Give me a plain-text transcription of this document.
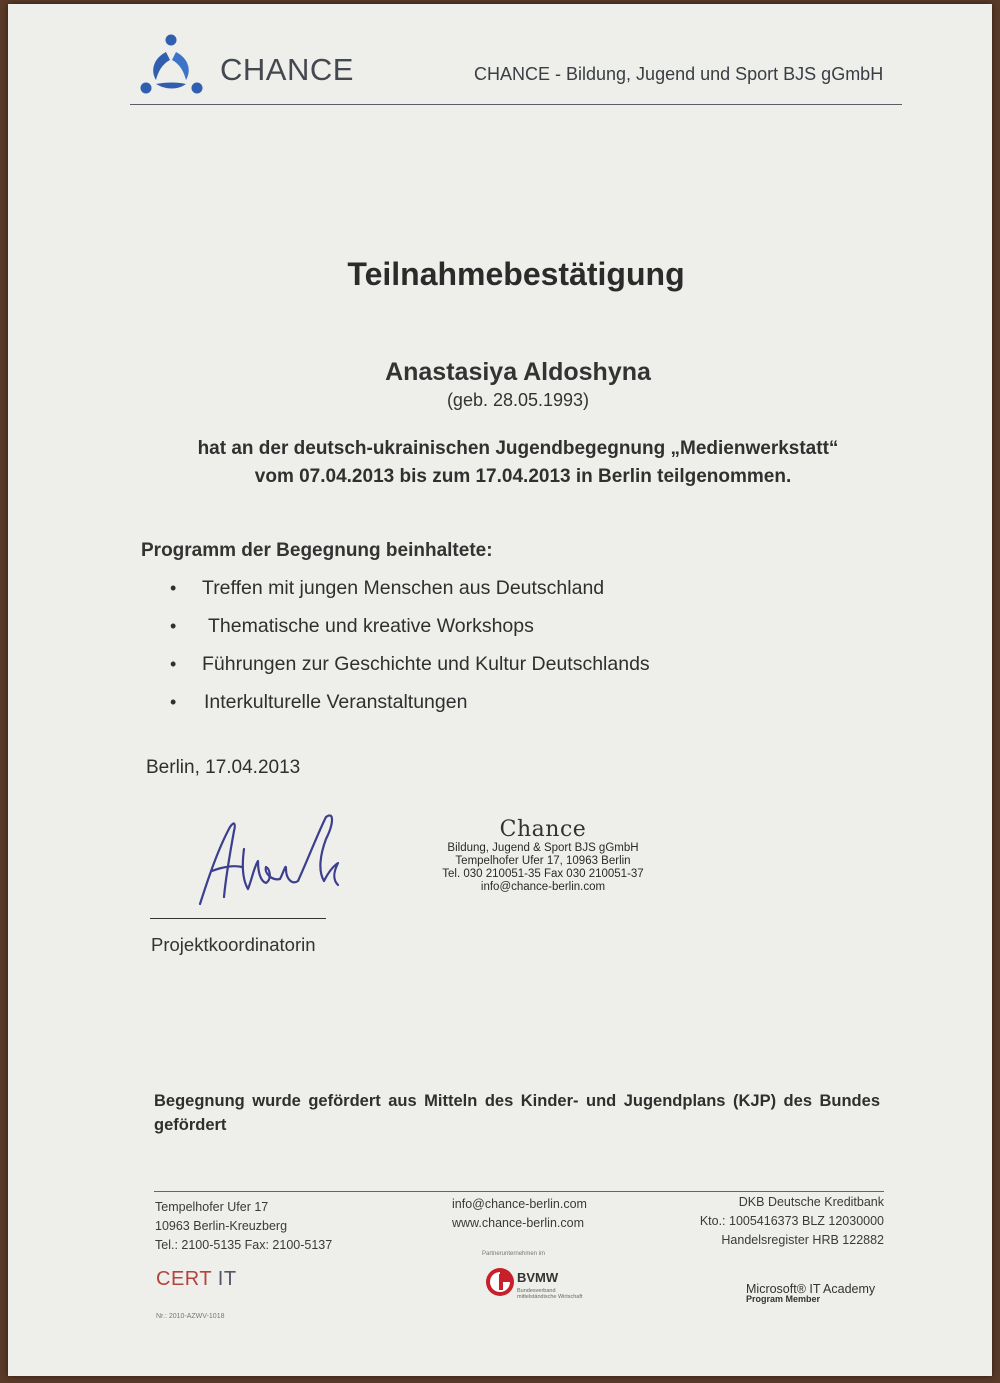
CHANCE	CHANCE - Bildung, Jugend und Sport BJS gGmbH
Teilnahmebestätigung
Anastasiya Aldoshyna
(geb. 28.05.1993)
hat an der deutsch-ukrainischen Jugendbegegnung „Medienwerkstatt“
vom 07.04.2013 bis zum 17.04.2013 in Berlin teilgenommen.
Programm der Begegnung beinhaltete:
•	Treffen mit jungen Menschen aus Deutschland
•	Thematische und kreative Workshops
•	Führungen zur Geschichte und Kultur Deutschlands
•	Interkulturelle Veranstaltungen
Berlin, 17.04.2013
Projektkoordinatorin
Chance
Bildung, Jugend & Sport BJS gGmbH
Tempelhofer Ufer 17, 10963 Berlin
Tel. 030 210051-35 Fax 030 210051-37
info@chance-berlin.com
Begegnung wurde gefördert aus Mitteln des Kinder- und Jugendplans (KJP) des Bundes gefördert
Tempelhofer Ufer 17
10963 Berlin-Kreuzberg
Tel.: 2100-5135 Fax: 2100-5137
info@chance-berlin.com
www.chance-berlin.com
DKB Deutsche Kreditbank
Kto.: 1005416373 BLZ 12030000
Handelsregister HRB 122882
CERT IT
Nr.: 2010-AZWV-1018
Partnerunternehmen im
BVMW
Bundesverband
mittelständische Wirtschaft
Microsoft® IT Academy
Program Member
